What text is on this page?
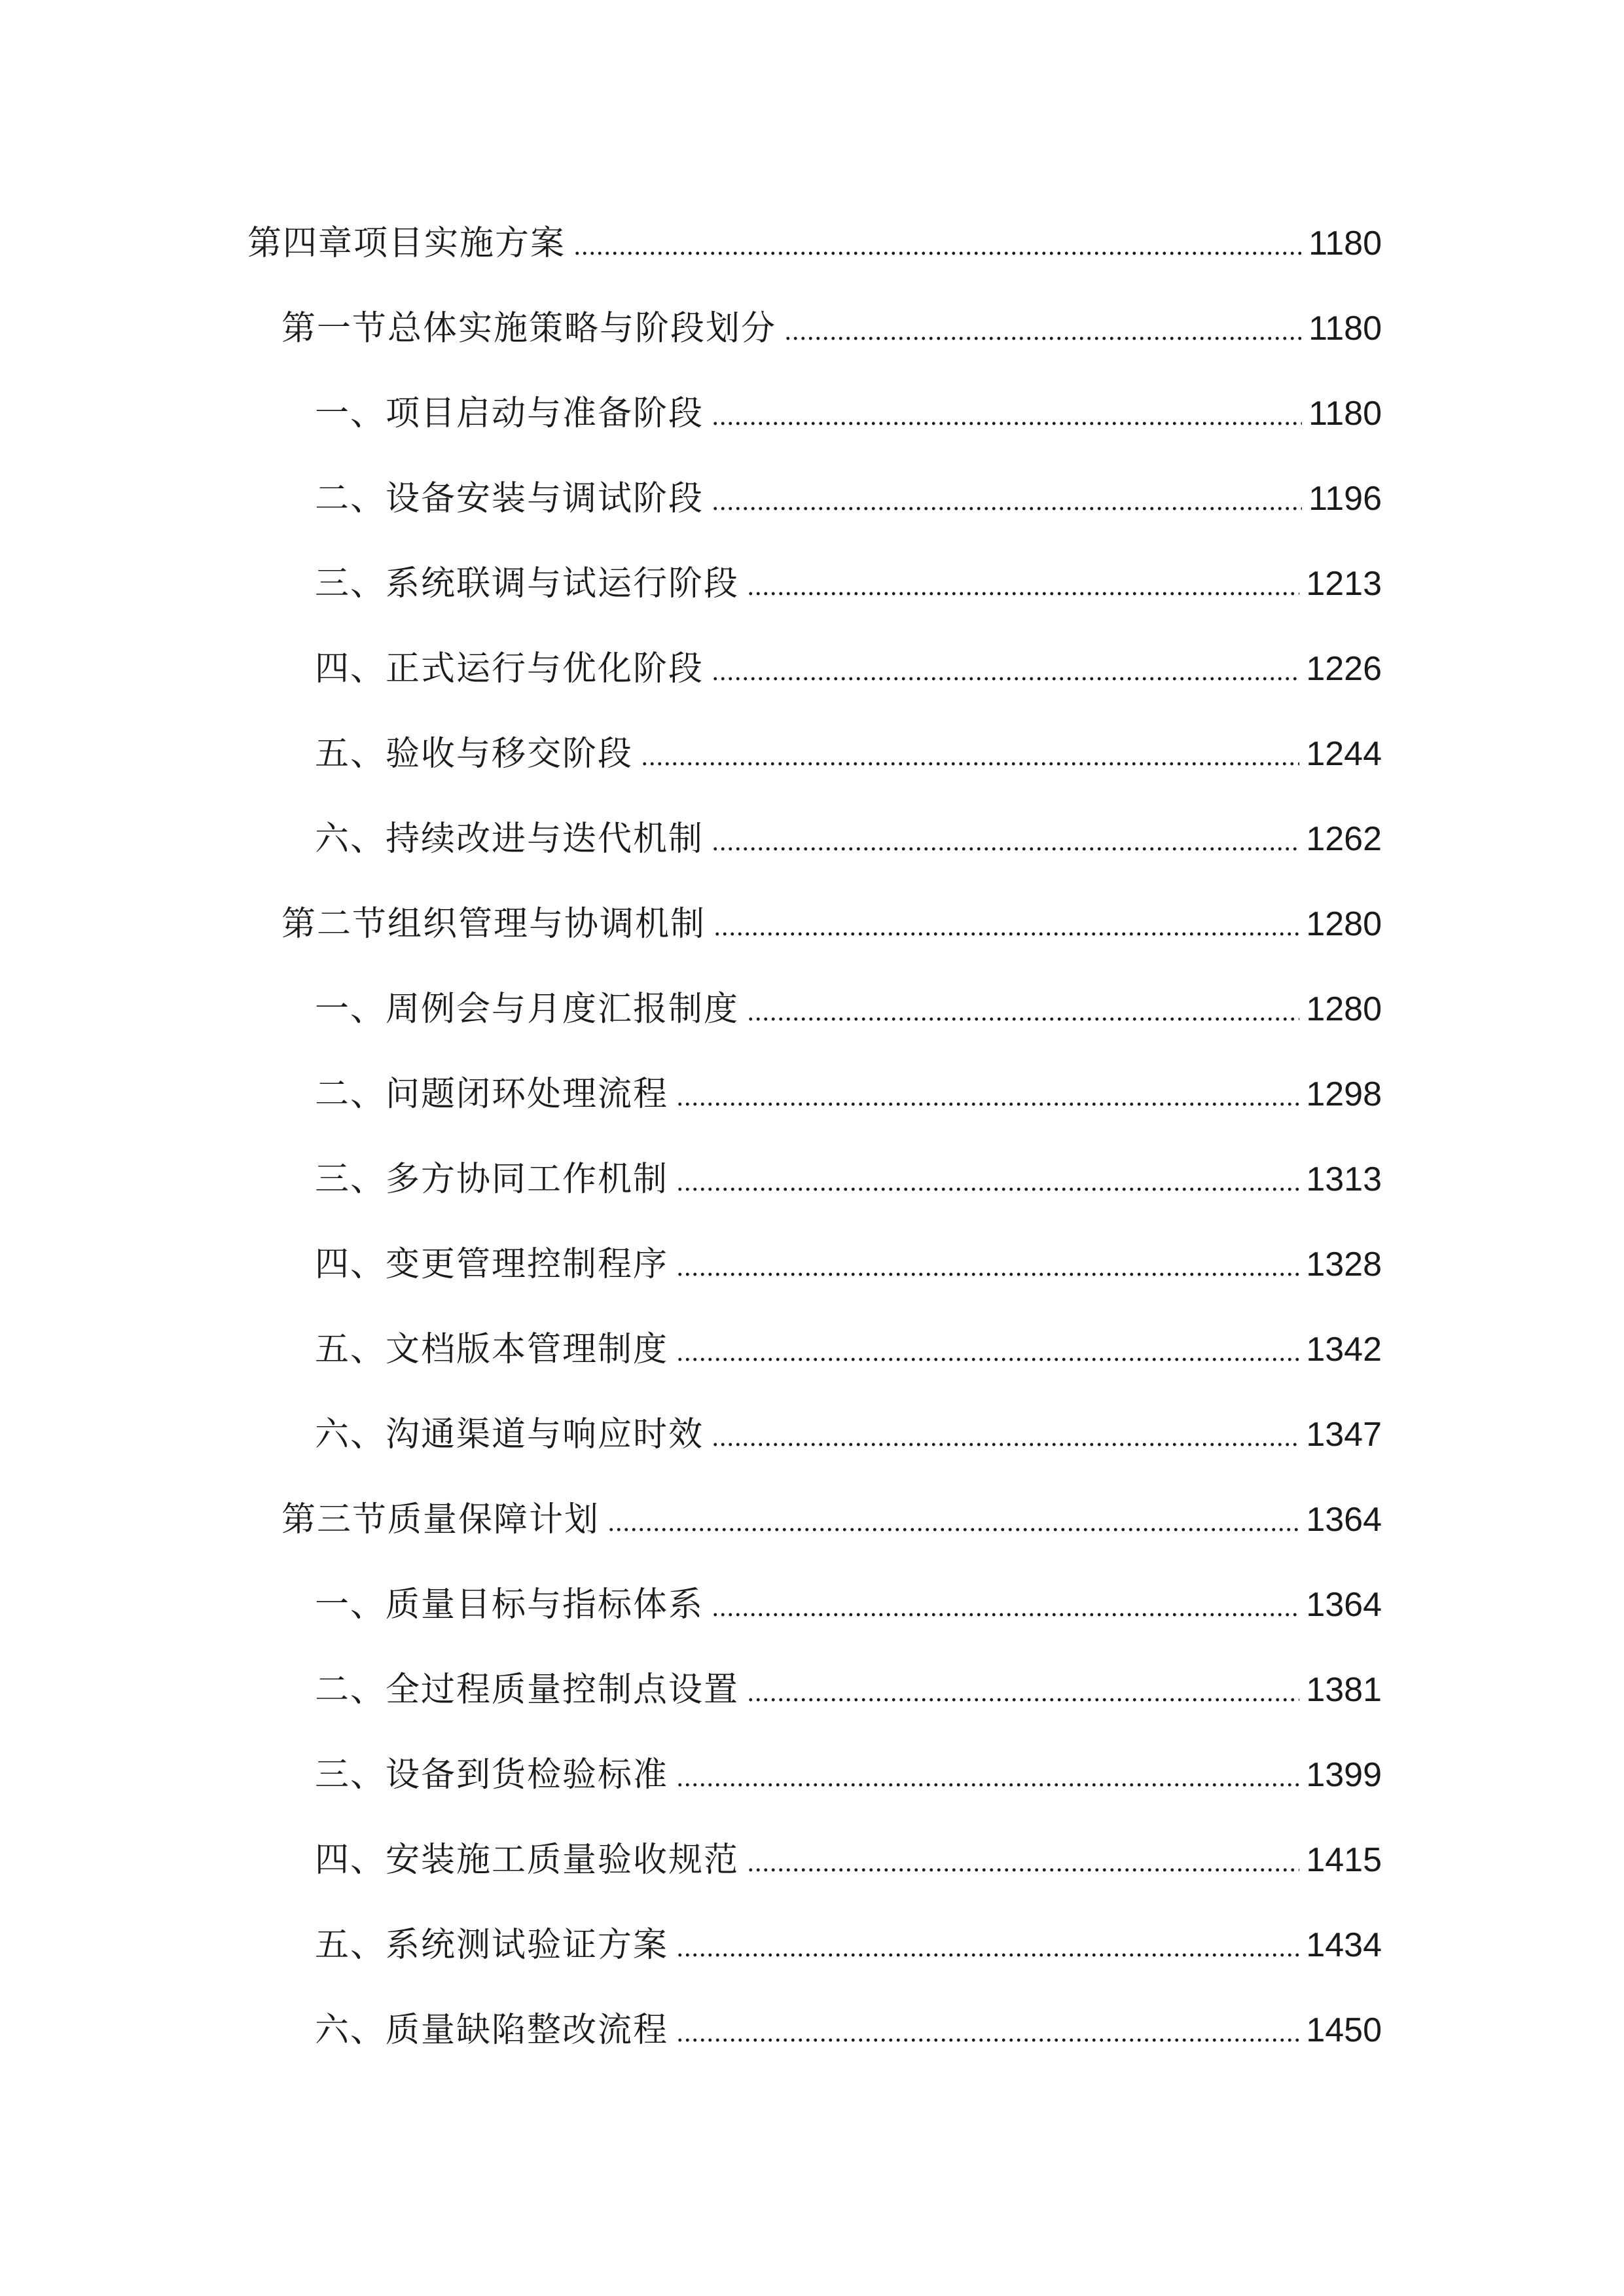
第四章项目实施方案	1180
第一节总体实施策略与阶段划分	1180
一、项目启动与准备阶段	1180
二、设备安装与调试阶段	1196
三、系统联调与试运行阶段	1213
四、正式运行与优化阶段	1226
五、验收与移交阶段	1244
六、持续改进与迭代机制	1262
第二节组织管理与协调机制	1280
一、周例会与月度汇报制度	1280
二、问题闭环处理流程	1298
三、多方协同工作机制	1313
四、变更管理控制程序	1328
五、文档版本管理制度	1342
六、沟通渠道与响应时效	1347
第三节质量保障计划	1364
一、质量目标与指标体系	1364
二、全过程质量控制点设置	1381
三、设备到货检验标准	1399
四、安装施工质量验收规范	1415
五、系统测试验证方案	1434
六、质量缺陷整改流程	1450
